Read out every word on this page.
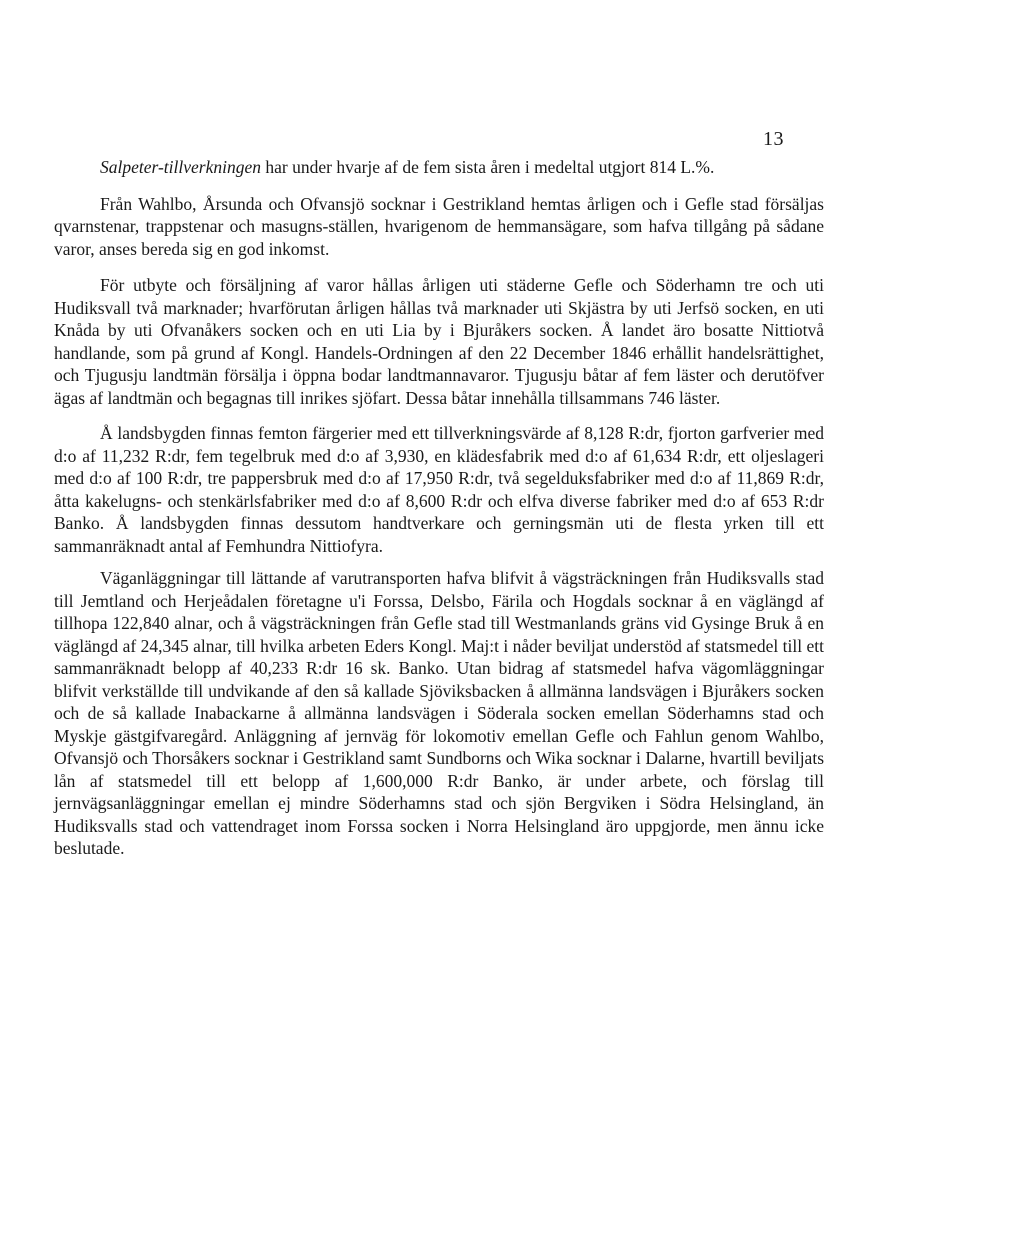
13

Salpeter-tillverkningen har under hvarje af de fem sista åren i medeltal utgjort 814 L.%.

Från Wahlbo, Årsunda och Ofvansjö socknar i Gestrikland hemtas årligen och i Gefle stad försäljas qvarnstenar, trappstenar och masugns-ställen, hvarigenom de hemmansägare, som hafva tillgång på sådane varor, anses bereda sig en god inkomst.

För utbyte och försäljning af varor hållas årligen uti städerne Gefle och Söderhamn tre och uti Hudiksvall två marknader; hvarförutan årligen hållas två marknader uti Skjästra by uti Jerfsö socken, en uti Knåda by uti Ofvanåkers socken och en uti Lia by i Bjuråkers socken. Å landet äro bosatte Nittiotvå handlande, som på grund af Kongl. Handels-Ordningen af den 22 December 1846 erhållit handelsrättighet, och Tjugusju landtmän försälja i öppna bodar landtmannavaror. Tjugusju båtar af fem läster och derutöfver ägas af landtmän och begagnas till inrikes sjöfart. Dessa båtar innehålla tillsammans 746 läster.

Å landsbygden finnas femton färgerier med ett tillverkningsvärde af 8,128 R:dr, fjorton garfverier med d:o af 11,232 R:dr, fem tegelbruk med d:o af 3,930, en klädesfabrik med d:o af 61,634 R:dr, ett oljeslageri med d:o af 100 R:dr, tre pappersbruk med d:o af 17,950 R:dr, två segelduksfabriker med d:o af 11,869 R:dr, åtta kakelugns- och stenkärlsfabriker med d:o af 8,600 R:dr och elfva diverse fabriker med d:o af 653 R:dr Banko. Å landsbygden finnas dessutom handtverkare och gerningsmän uti de flesta yrken till ett sammanräknadt antal af Femhundra Nittiofyra.

Väganläggningar till lättande af varutransporten hafva blifvit å vägsträckningen från Hudiksvalls stad till Jemtland och Herjeådalen företagne u'i Forssa, Delsbo, Färila och Hogdals socknar å en väglängd af tillhopa 122,840 alnar, och å vägsträckningen från Gefle stad till Westmanlands gräns vid Gysinge Bruk å en väglängd af 24,345 alnar, till hvilka arbeten Eders Kongl. Maj:t i nåder beviljat understöd af statsmedel till ett sammanräknadt belopp af 40,233 R:dr 16 sk. Banko. Utan bidrag af statsmedel hafva vägomläggningar blifvit verkställde till undvikande af den så kallade Sjöviksbacken å allmänna landsvägen i Bjuråkers socken och de så kallade Inabackarne å allmänna landsvägen i Söderala socken emellan Söderhamns stad och Myskje gästgifvaregård. Anläggning af jernväg för lokomotiv emellan Gefle och Fahlun genom Wahlbo, Ofvansjö och Thorsåkers socknar i Gestrikland samt Sundborns och Wika socknar i Dalarne, hvartill beviljats lån af statsmedel till ett belopp af 1,600,000 R:dr Banko, är under arbete, och förslag till jernvägsanläggningar emellan ej mindre Söderhamns stad och sjön Bergviken i Södra Helsingland, än Hudiksvalls stad och vattendraget inom Forssa socken i Norra Helsingland äro uppgjorde, men ännu icke beslutade.
